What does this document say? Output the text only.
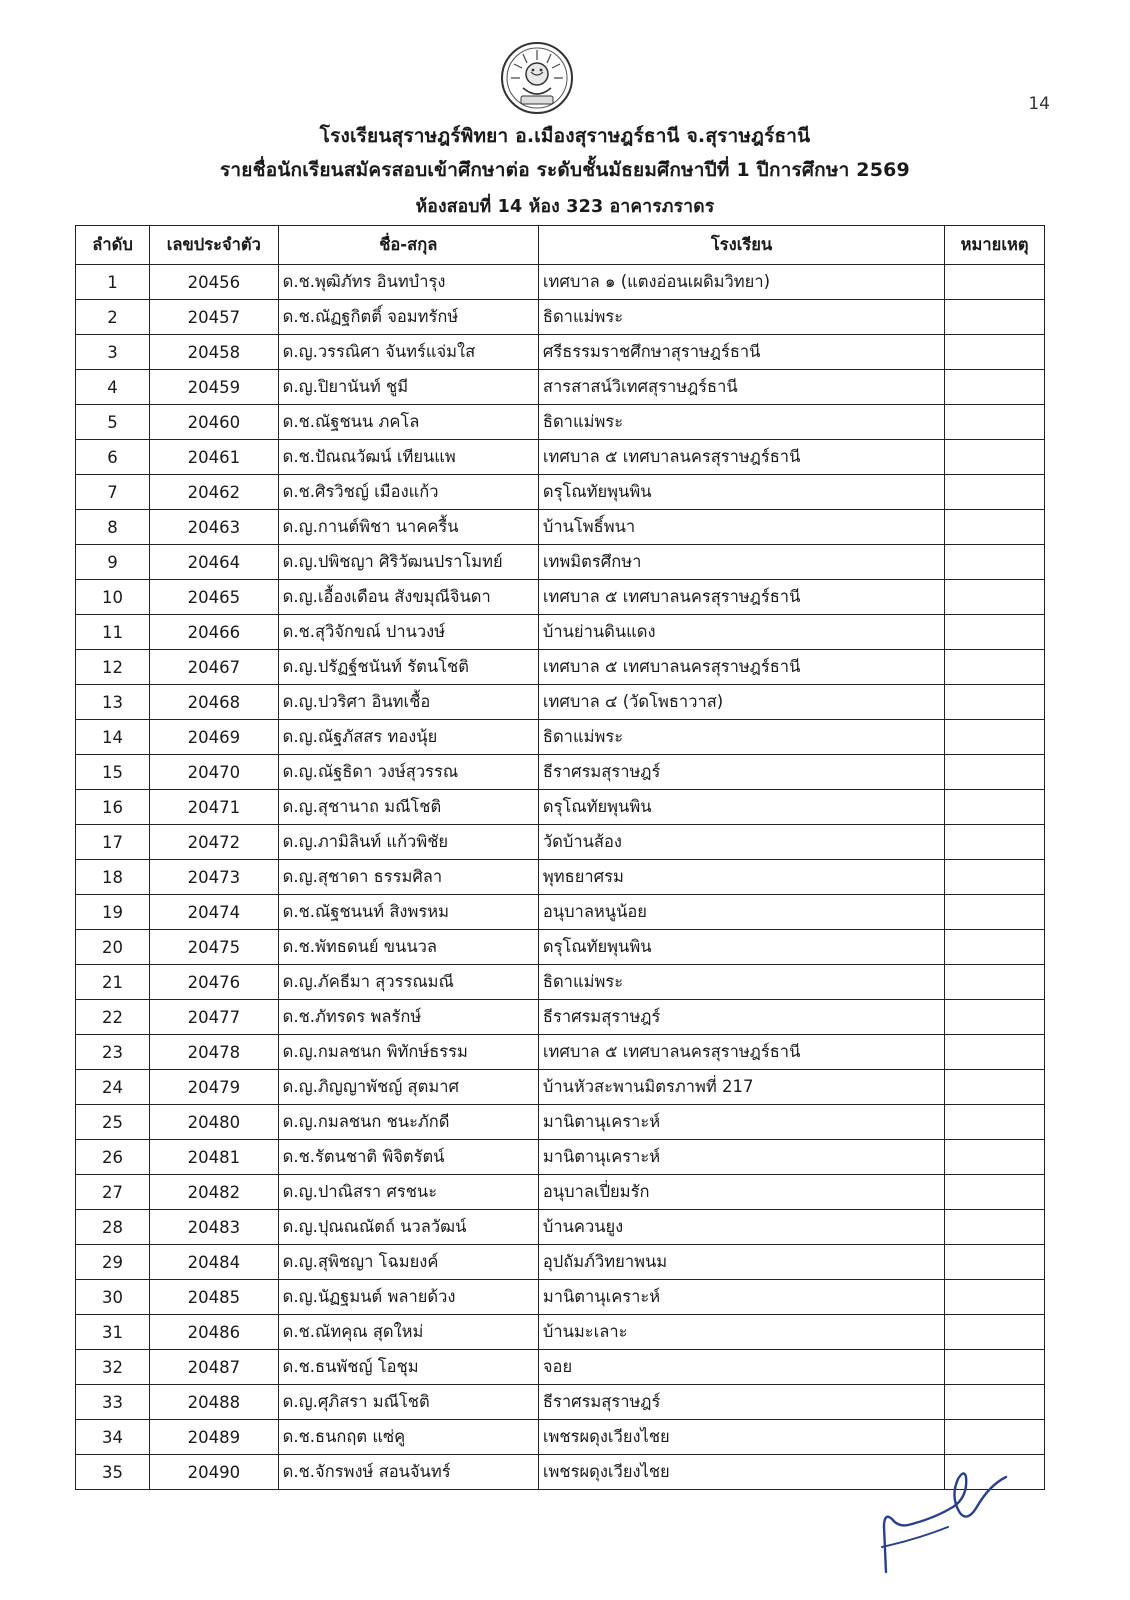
14
โรงเรียนสุราษฎร์พิทยา อ.เมืองสุราษฎร์ธานี จ.สุราษฎร์ธานี
รายชื่อนักเรียนสมัครสอบเข้าศึกษาต่อ ระดับชั้นมัธยมศึกษาปีที่ 1 ปีการศึกษา 2569
ห้องสอบที่ 14 ห้อง 323 อาคารภราดร
ลำดับ	เลขประจำตัว	ชื่อ-สกุล	โรงเรียน	หมายเหตุ
1	20456	ด.ช.พุฒิภัทร อินทบำรุง	เทศบาล ๑ (แตงอ่อนเผดิมวิทยา)	
2	20457	ด.ช.ณัฏฐกิตติ์ จอมทรักษ์	ธิดาแม่พระ	
3	20458	ด.ญ.วรรณิศา จันทร์แจ่มใส	ศรีธรรมราชศึกษาสุราษฎร์ธานี	
4	20459	ด.ญ.ปิยานันท์ ชูมี	สารสาสน์วิเทศสุราษฎร์ธานี	
5	20460	ด.ช.ณัฐชนน ภคโล	ธิดาแม่พระ	
6	20461	ด.ช.ปัณณวัฒน์ เทียนแพ	เทศบาล ๕ เทศบาลนครสุราษฎร์ธานี	
7	20462	ด.ช.ศิรวิชญ์ เมืองแก้ว	ดรุโณทัยพุนพิน	
8	20463	ด.ญ.กานต์พิชา นาคครื้น	บ้านโพธิ์พนา	
9	20464	ด.ญ.ปพิชญา ศิริวัฒนปราโมทย์	เทพมิตรศึกษา	
10	20465	ด.ญ.เอื้องเดือน สังขมุณีจินดา	เทศบาล ๕ เทศบาลนครสุราษฎร์ธานี	
11	20466	ด.ช.สุวิจักขณ์ ปานวงษ์	บ้านย่านดินแดง	
12	20467	ด.ญ.ปรัฏฐ์ชนันท์ รัตนโชติ	เทศบาล ๕ เทศบาลนครสุราษฎร์ธานี	
13	20468	ด.ญ.ปวริศา อินทเชื้อ	เทศบาล ๔ (วัดโพธาวาส)	
14	20469	ด.ญ.ณัฐภัสสร ทองนุ้ย	ธิดาแม่พระ	
15	20470	ด.ญ.ณัฐธิดา วงษ์สุวรรณ	ธีราศรมสุราษฎร์	
16	20471	ด.ญ.สุชานาถ มณีโชติ	ดรุโณทัยพุนพิน	
17	20472	ด.ญ.ภามิลินท์ แก้วพิชัย	วัดบ้านส้อง	
18	20473	ด.ญ.สุชาดา ธรรมศิลา	พุทธยาศรม	
19	20474	ด.ช.ณัฐชนนท์ สิงพรหม	อนุบาลหนูน้อย	
20	20475	ด.ช.พัทธดนย์ ขนนวล	ดรุโณทัยพุนพิน	
21	20476	ด.ญ.ภัคธีมา สุวรรณมณี	ธิดาแม่พระ	
22	20477	ด.ช.ภัทรดร พลรักษ์	ธีราศรมสุราษฎร์	
23	20478	ด.ญ.กมลชนก พิทักษ์ธรรม	เทศบาล ๕ เทศบาลนครสุราษฎร์ธานี	
24	20479	ด.ญ.ภิญญาพัชญ์ สุตมาศ	บ้านหัวสะพานมิตรภาพที่ 217	
25	20480	ด.ญ.กมลชนก ชนะภักดี	มานิตานุเคราะห์	
26	20481	ด.ช.รัตนชาติ พิจิตรัตน์	มานิตานุเคราะห์	
27	20482	ด.ญ.ปาณิสรา ศรชนะ	อนุบาลเปี่ยมรัก	
28	20483	ด.ญ.ปุณณณัตถ์ นวลวัฒน์	บ้านควนยูง	
29	20484	ด.ญ.สุพิชญา โฉมยงค์	อุปถัมภ์วิทยาพนม	
30	20485	ด.ญ.นัฏฐมนต์ พลายด้วง	มานิตานุเคราะห์	
31	20486	ด.ช.ณัทคุณ สุดใหม่	บ้านมะเลาะ	
32	20487	ด.ช.ธนพัชญ์ โอชุม	จอย	
33	20488	ด.ญ.ศุภิสรา มณีโชติ	ธีราศรมสุราษฎร์	
34	20489	ด.ช.ธนกฤต แซ่คู	เพชรผดุงเวียงไชย	
35	20490	ด.ช.จักรพงษ์ สอนจันทร์	เพชรผดุงเวียงไชย	
